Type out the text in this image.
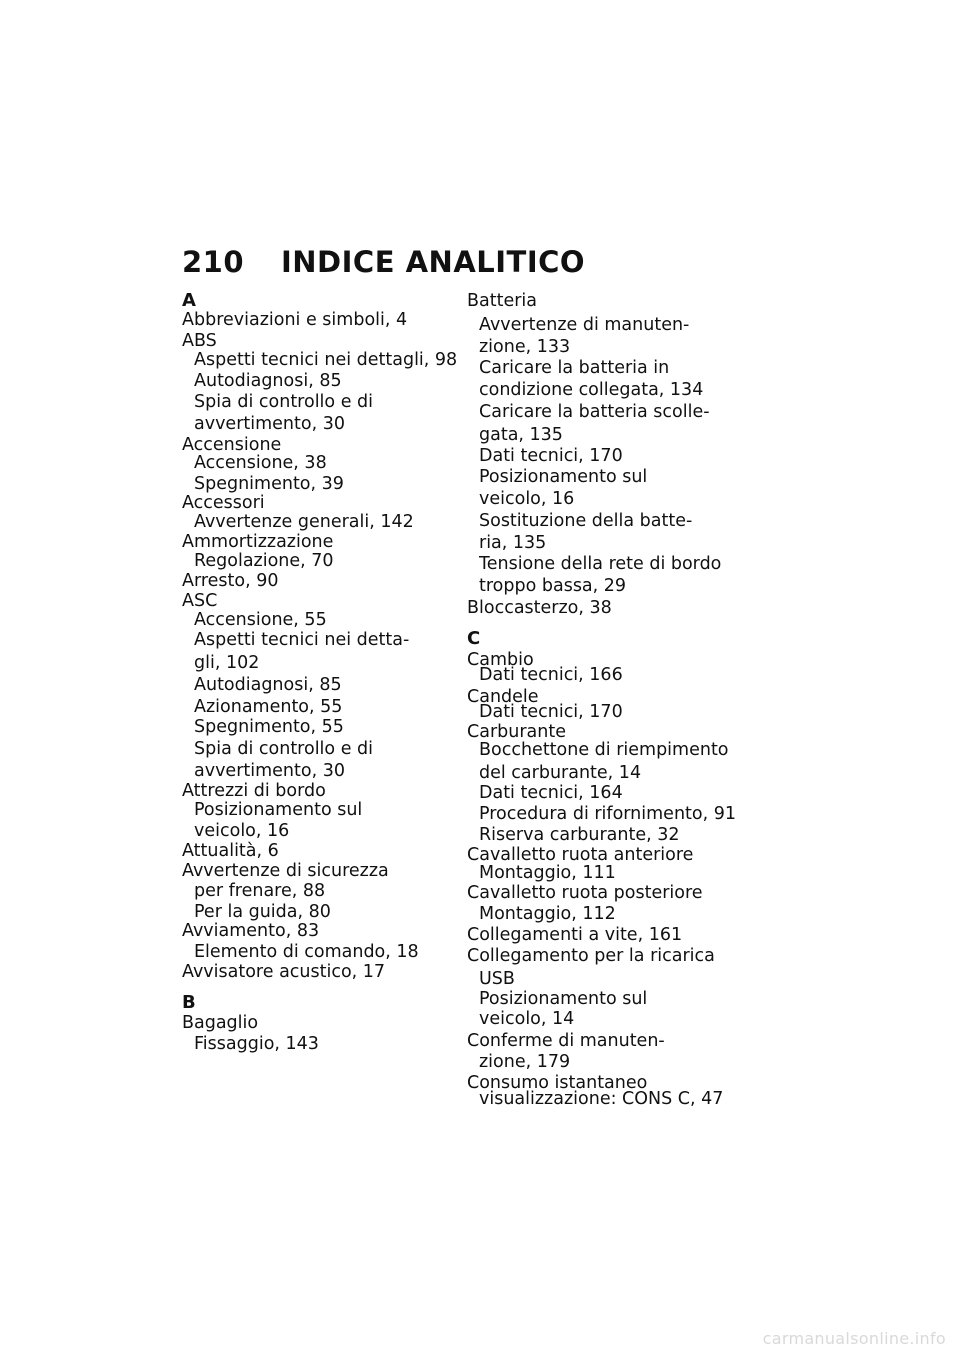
210 INDICE ANALITICO
A
Abbreviazioni e simboli, 4
ABS
Aspetti tecnici nei dettagli, 98
Autodiagnosi, 85
Spia di controllo e di
avvertimento, 30
Accensione
Accensione, 38
Spegnimento, 39
Accessori
Avvertenze generali, 142
Ammortizzazione
Regolazione, 70
Arresto, 90
ASC
Accensione, 55
Aspetti tecnici nei detta-
gli, 102
Autodiagnosi, 85
Azionamento, 55
Spegnimento, 55
Spia di controllo e di
avvertimento, 30
Attrezzi di bordo
Posizionamento sul
veicolo, 16
Attualità, 6
Avvertenze di sicurezza
per frenare, 88
Per la guida, 80
Avviamento, 83
Elemento di comando, 18
Avvisatore acustico, 17
B
Bagaglio
Fissaggio, 143
Batteria
Avvertenze di manuten-
zione, 133
Caricare la batteria in
condizione collegata, 134
Caricare la batteria scolle-
gata, 135
Dati tecnici, 170
Posizionamento sul
veicolo, 16
Sostituzione della batte-
ria, 135
Tensione della rete di bordo
troppo bassa, 29
Bloccasterzo, 38
C
Cambio
Dati tecnici, 166
Candele
Dati tecnici, 170
Carburante
Bocchettone di riempimento
del carburante, 14
Dati tecnici, 164
Procedura di rifornimento, 91
Riserva carburante, 32
Cavalletto ruota anteriore
Montaggio, 111
Cavalletto ruota posteriore
Montaggio, 112
Collegamenti a vite, 161
Collegamento per la ricarica
USB
Posizionamento sul
veicolo, 14
Conferme di manuten-
zione, 179
Consumo istantaneo
visualizzazione: CONS C, 47
carmanualsonline.info
